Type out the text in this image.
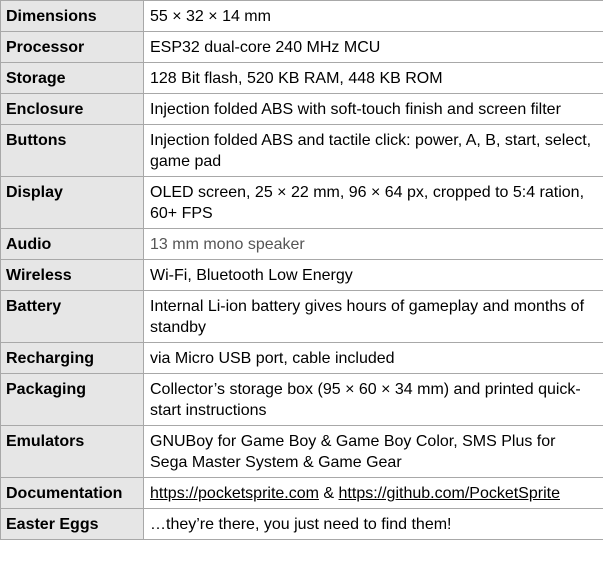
Dimensions	55 × 32 × 14 mm
Processor	ESP32 dual-core 240 MHz MCU
Storage	128 Bit flash, 520 KB RAM, 448 KB ROM
Enclosure	Injection folded ABS with soft-touch finish and screen filter
Buttons	Injection folded ABS and tactile click: power, A, B, start, select, game pad
Display	OLED screen, 25 × 22 mm, 96 × 64 px, cropped to 5:4 ration, 60+ FPS
Audio	13 mm mono speaker
Wireless	Wi-Fi, Bluetooth Low Energy
Battery	Internal Li-ion battery gives hours of gameplay and months of standby
Recharging	via Micro USB port, cable included
Packaging	Collector’s storage box (95 × 60 × 34 mm) and printed quick-start instructions
Emulators	GNUBoy for Game Boy & Game Boy Color, SMS Plus for Sega Master System & Game Gear
Documentation	https://pocketsprite.com & https://github.com/PocketSprite
Easter Eggs	…they’re there, you just need to find them!
